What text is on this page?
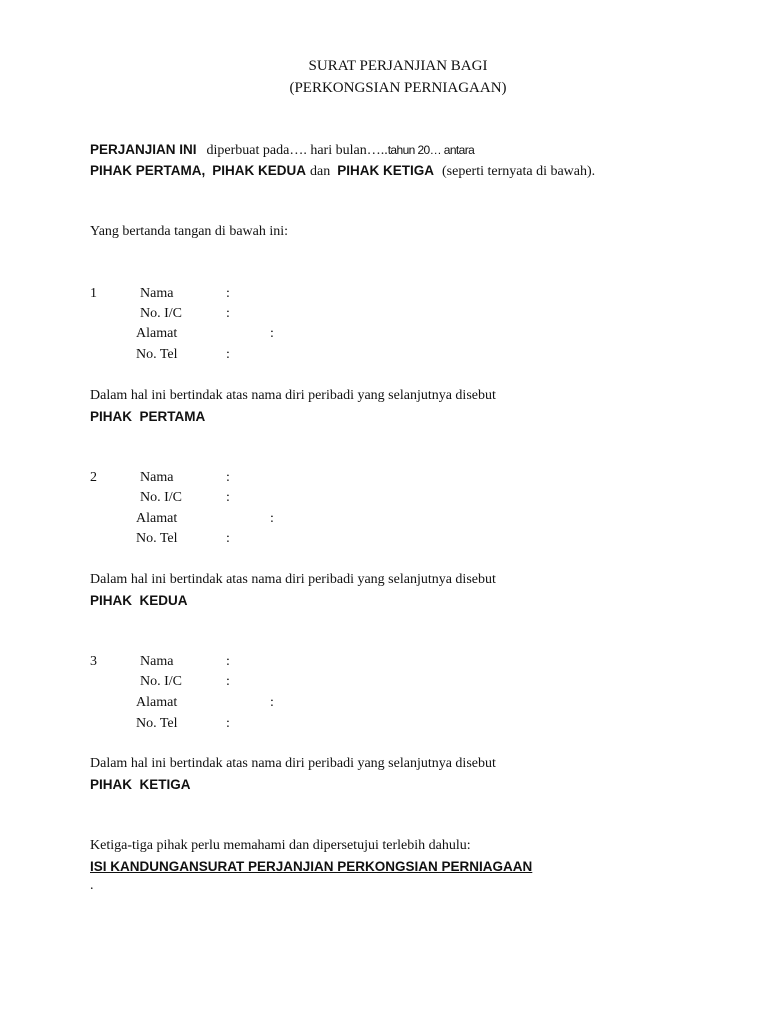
SURAT PERJANJIAN BAGI
(PERKONGSIAN PERNIAGAAN)
PERJANJIAN INI diperbuat pada…. hari bulan…..tahun 20… antara
PIHAK PERTAMA, PIHAK KEDUA dan PIHAK KETIGA (seperti ternyata di bawah).
Yang bertanda tangan di bawah ini:
1	Nama	:
No. I/C	:
Alamat	:
No. Tel	:
Dalam hal ini bertindak atas nama diri peribadi yang selanjutnya disebut
PIHAK  PERTAMA
2	Nama	:
No. I/C	:
Alamat	:
No. Tel	:
Dalam hal ini bertindak atas nama diri peribadi yang selanjutnya disebut
PIHAK  KEDUA
3	Nama	:
No. I/C	:
Alamat	:
No. Tel	:
Dalam hal ini bertindak atas nama diri peribadi yang selanjutnya disebut
PIHAK  KETIGA
Ketiga-tiga pihak perlu memahami dan dipersetujui terlebih dahulu:
ISI KANDUNGANSURAT PERJANJIAN PERKONGSIAN PERNIAGAAN
.
